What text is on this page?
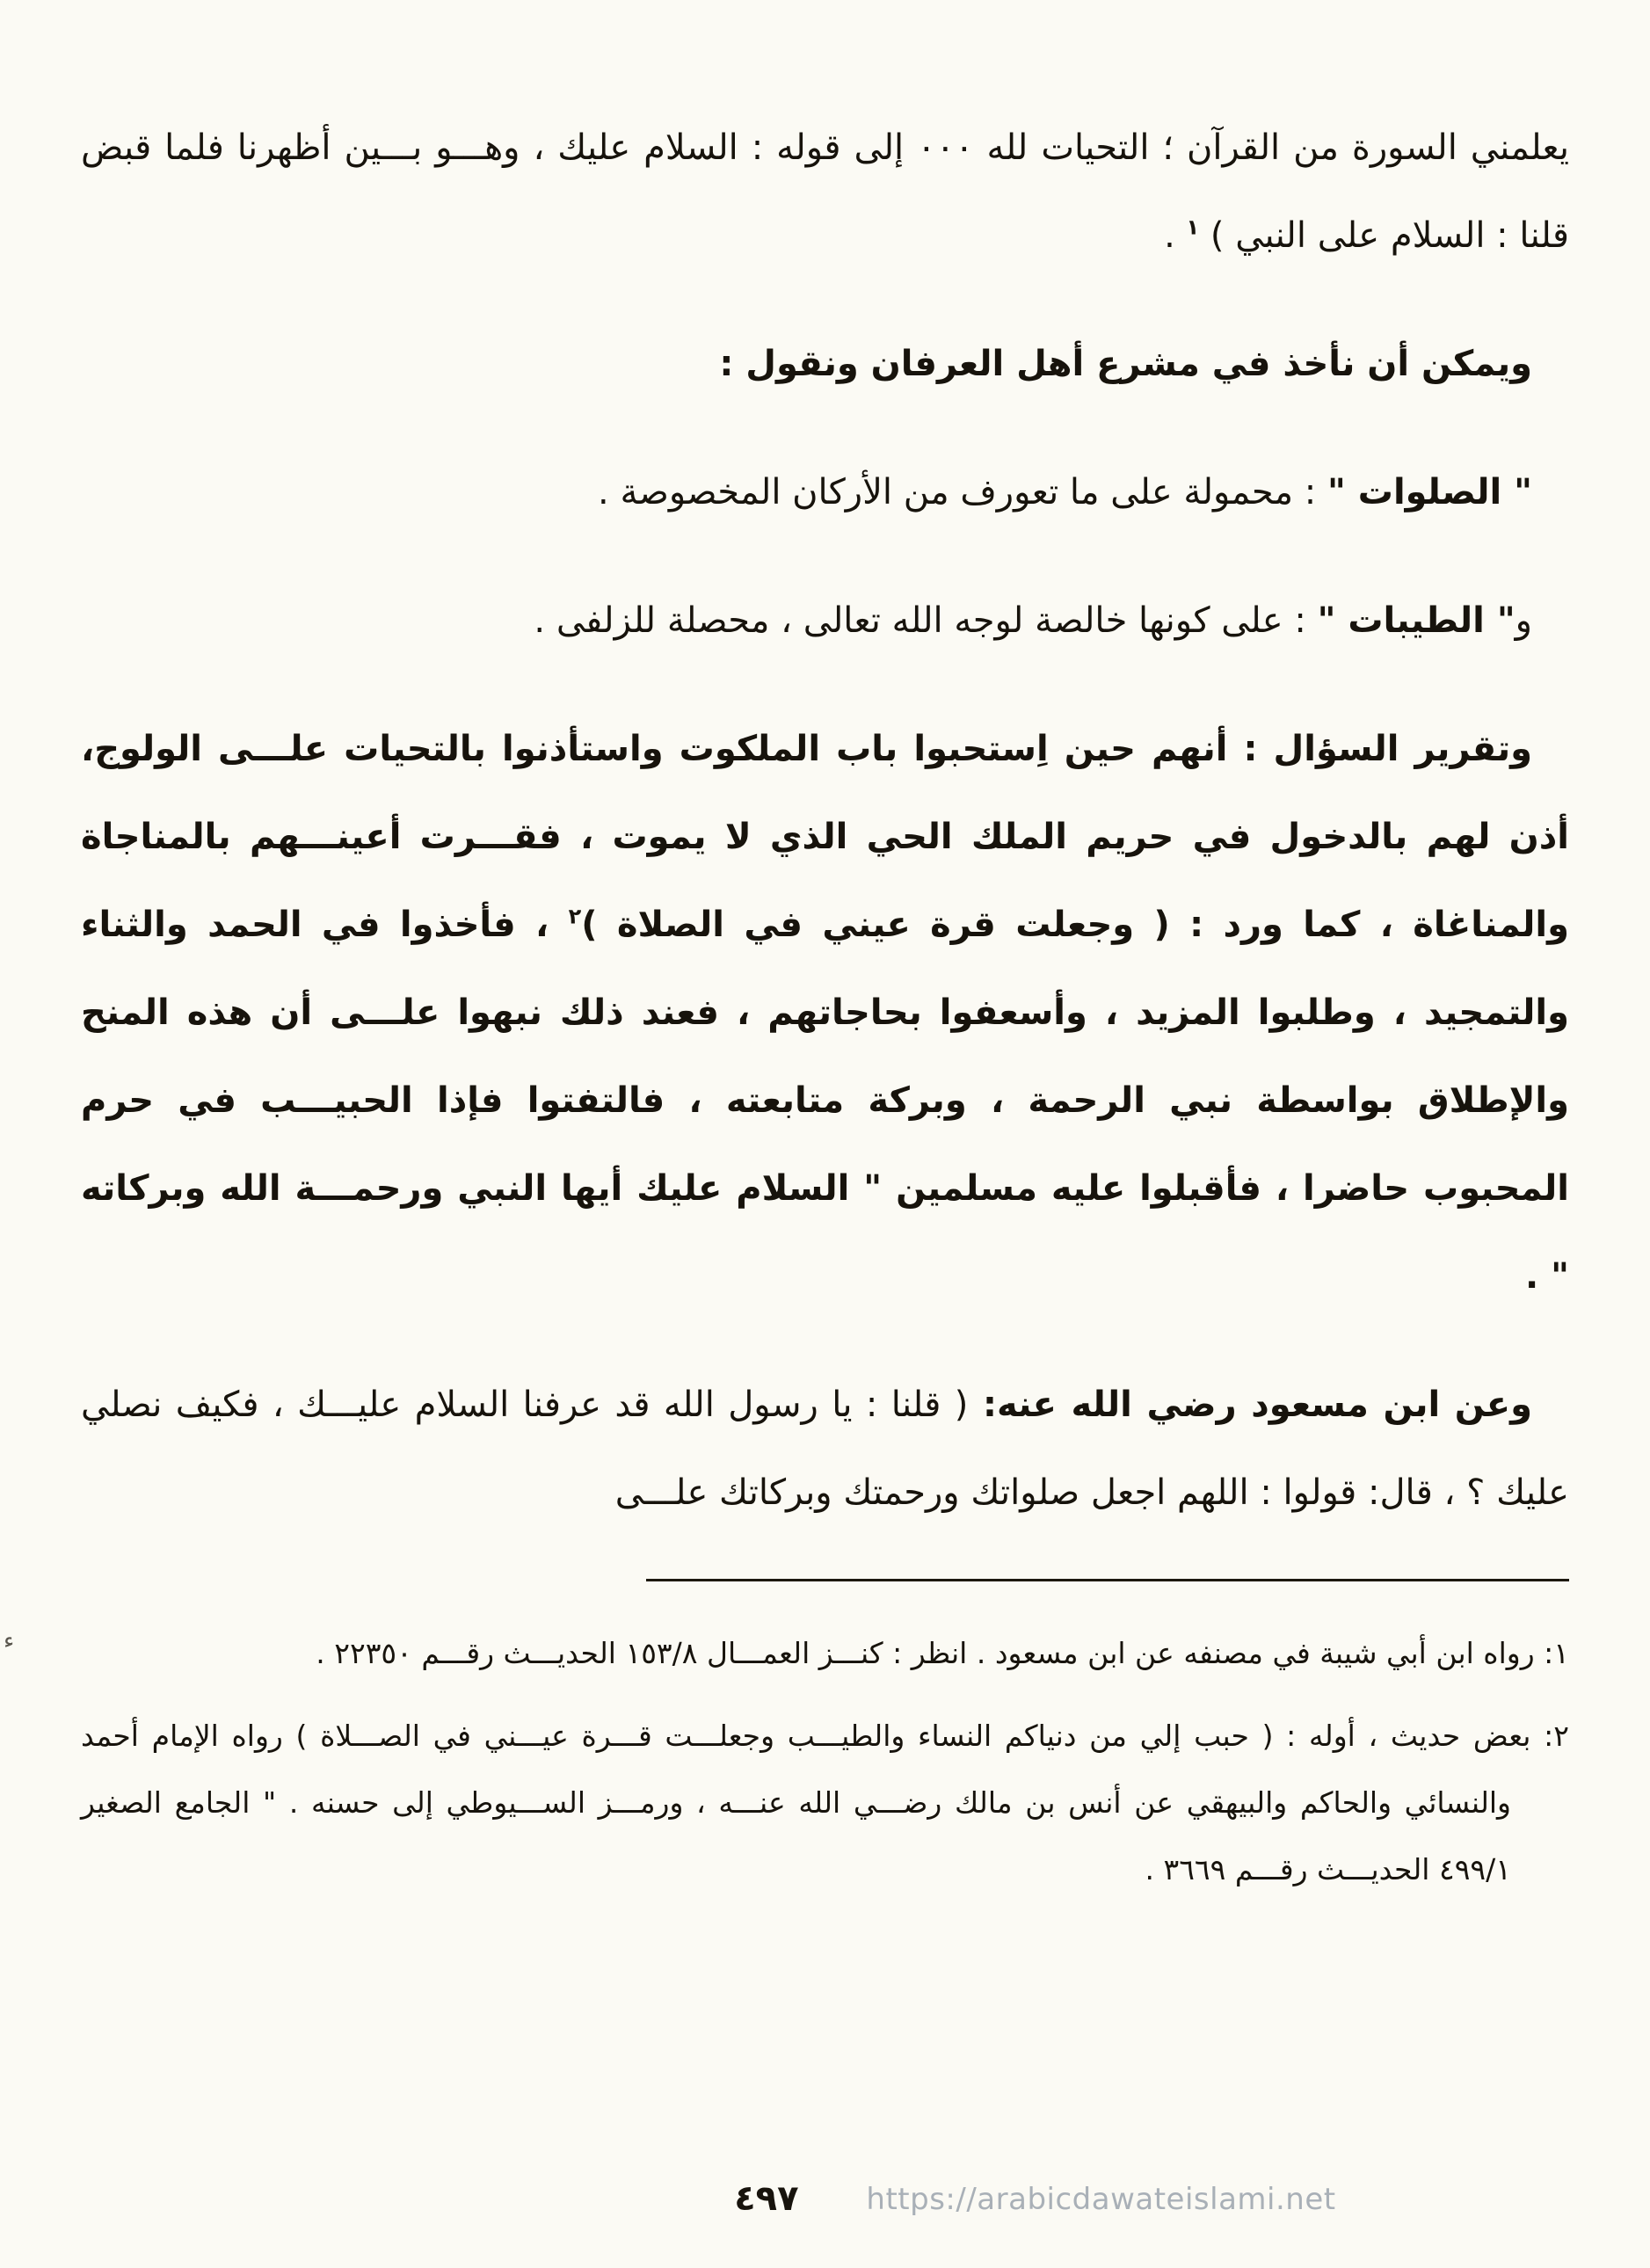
يعلمني السورة من القرآن ؛ التحيات لله ٠٠٠ إلى قوله : السلام عليك ، وهـــو بـــين أظهرنا فلما قبض قلنا : السلام على النبي ) $^١$ .

ويمكن أن نأخذ في مشرع أهل العرفان ونقول :

" الصلوات " : محمولة على ما تعورف من الأركان المخصوصة .

و" الطيبات " : على كونها خالصة لوجه الله تعالى ، محصلة للزلفى .

وتقرير السؤال : أنهم حين اِستحبوا باب الملكوت واستأذنوا بالتحيات علـــى الولوج، أذن لهم بالدخول في حريم الملك الحي الذي لا يموت ، فقـــرت أعينـــهم بالمناجاة والمناغاة ، كما ورد : ( وجعلت قرة عيني في الصلاة )$^٢$ ، فأخذوا في الحمد والثناء والتمجيد ، وطلبوا المزيد ، وأسعفوا بحاجاتهم ، فعند ذلك نبهوا علـــى أن هذه المنح والإطلاق بواسطة نبي الرحمة ، وبركة متابعته ، فالتفتوا فإذا الحبيـــب في حرم المحبوب حاضرا ، فأقبلوا عليه مسلمين " السلام عليك أيها النبي ورحمـــة الله وبركاته " .

وعن ابن مسعود رضي الله عنه: ( قلنا : يا رسول الله قد عرفنا السلام عليـــك ، فكيف نصلي عليك ؟ ، قال: قولوا : اللهم اجعل صلواتك ورحمتك وبركاتك علـــى

١: رواه ابن أبي شيبة في مصنفه عن ابن مسعود . انظر : كنـــز العمـــال ١٥٣/٨ الحديـــث رقـــم ٢٢٣٥٠ .

٢: بعض حديث ، أوله : ( حبب إلي من دنياكم النساء والطيـــب وجعلـــت قـــرة عيـــني في الصـــلاة ) رواه الإمام أحمد والنسائي والحاكم والبيهقي عن أنس بن مالك رضـــي الله عنـــه ، ورمـــز الســـيوطي إلى حسنه . " الجامع الصغير ٤٩٩/١ الحديـــث رقـــم ٣٦٦٩ .

٤٩٧ https://arabicdawateislami.net
ء
